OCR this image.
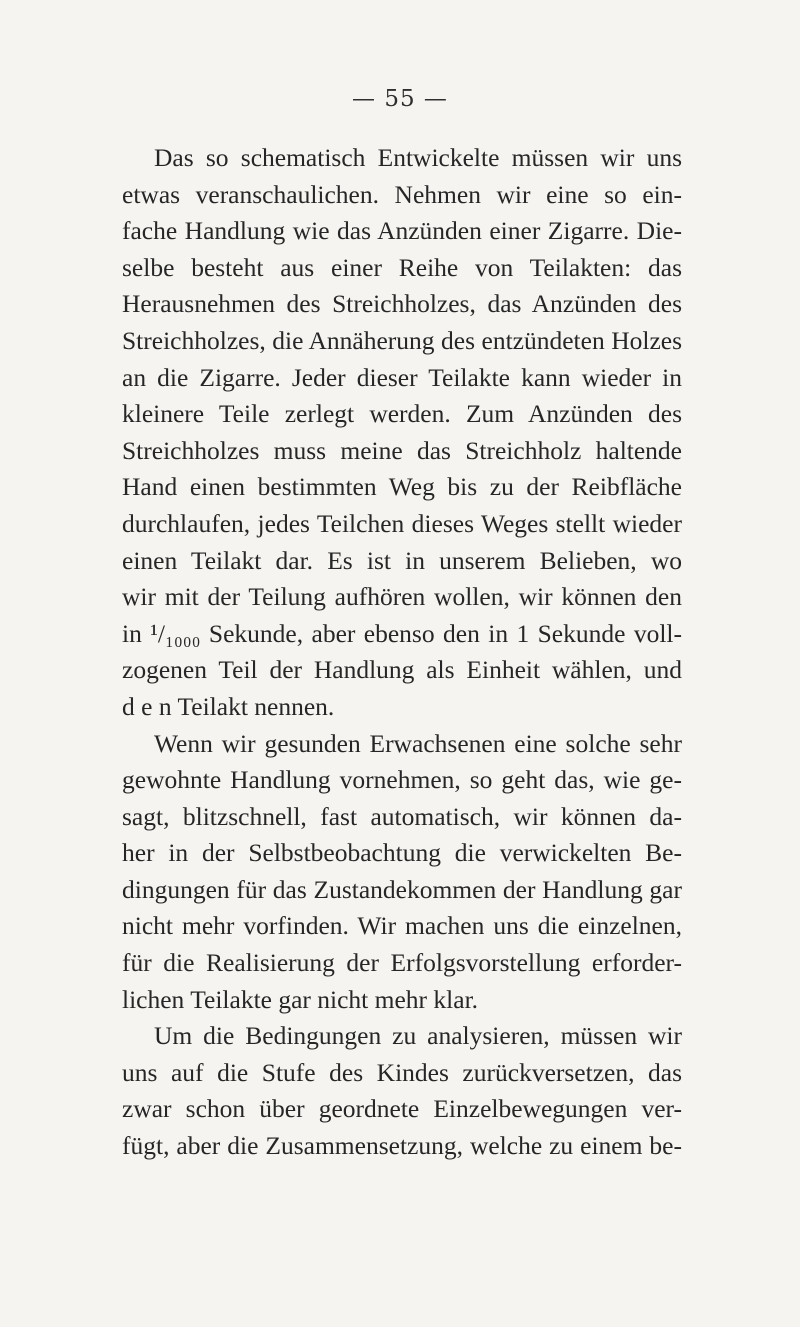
— 55 —
Das so schematisch Entwickelte müssen wir uns
etwas veranschaulichen. Nehmen wir eine so ein-
fache Handlung wie das Anzünden einer Zigarre. Die-
selbe besteht aus einer Reihe von Teilakten: das
Herausnehmen des Streichholzes, das Anzünden des
Streichholzes, die Annäherung des entzündeten Holzes
an die Zigarre. Jeder dieser Teilakte kann wieder in
kleinere Teile zerlegt werden. Zum Anzünden des
Streichholzes muss meine das Streichholz haltende
Hand einen bestimmten Weg bis zu der Reibfläche
durchlaufen, jedes Teilchen dieses Weges stellt wieder
einen Teilakt dar. Es ist in unserem Belieben, wo
wir mit der Teilung aufhören wollen, wir können den
in ¹/₁₀₀₀ Sekunde, aber ebenso den in 1 Sekunde voll-
zogenen Teil der Handlung als Einheit wählen, und
d e n Teilakt nennen.
Wenn wir gesunden Erwachsenen eine solche sehr
gewohnte Handlung vornehmen, so geht das, wie ge-
sagt, blitzschnell, fast automatisch, wir können da-
her in der Selbstbeobachtung die verwickelten Be-
dingungen für das Zustandekommen der Handlung gar
nicht mehr vorfinden. Wir machen uns die einzelnen,
für die Realisierung der Erfolgsvorstellung erforder-
lichen Teilakte gar nicht mehr klar.
Um die Bedingungen zu analysieren, müssen wir
uns auf die Stufe des Kindes zurückversetzen, das
zwar schon über geordnete Einzelbewegungen ver-
fügt, aber die Zusammensetzung, welche zu einem be-
